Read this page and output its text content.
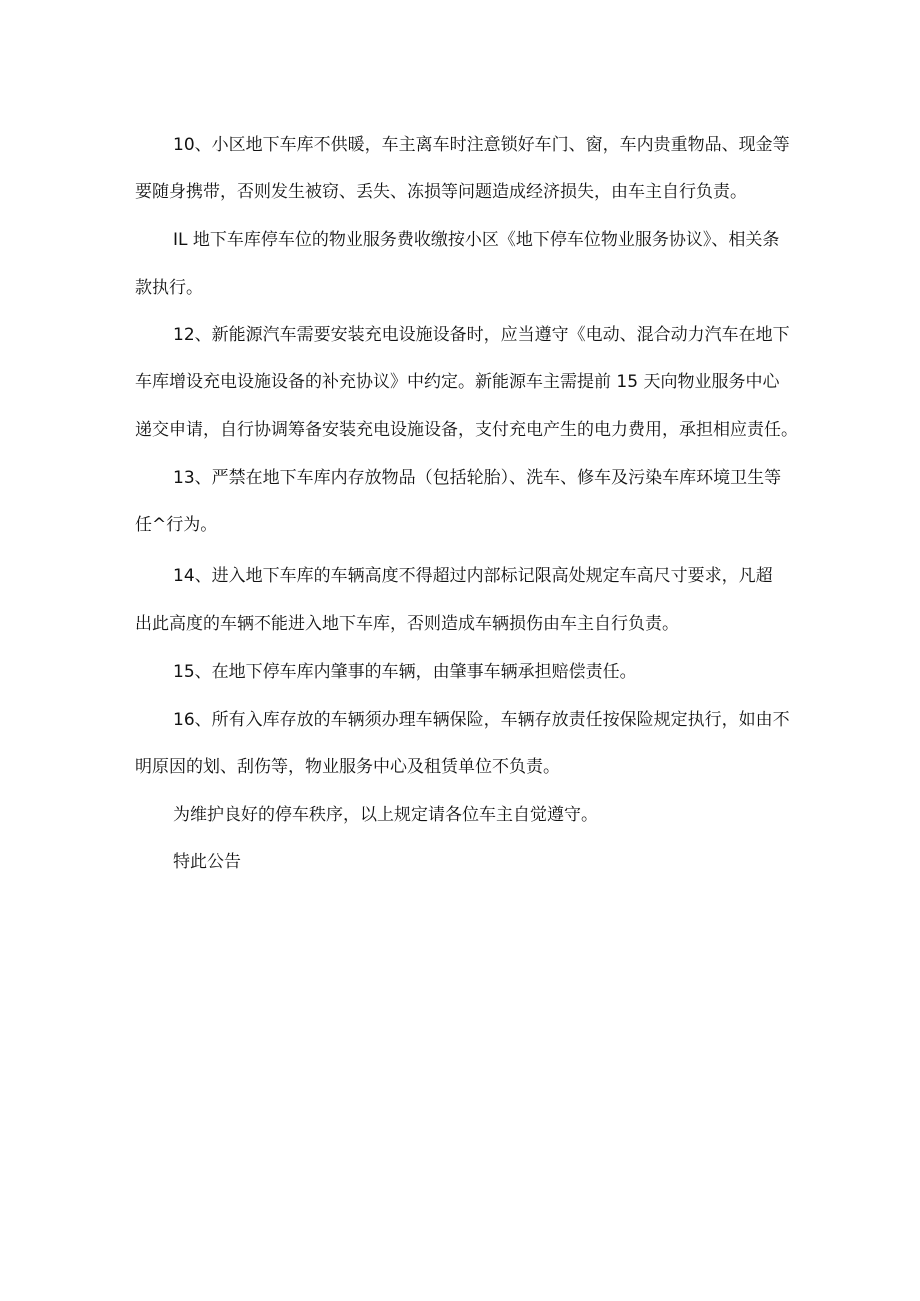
10、小区地下车库不供暖，车主离车时注意锁好车门、窗，车内贵重物品、现金等
要随身携带，否则发生被窃、丢失、冻损等问题造成经济损失，由车主自行负责。
IL 地下车库停车位的物业服务费收缴按小区《地下停车位物业服务协议》、相关条
款执行。
12、新能源汽车需要安装充电设施设备时，应当遵守《电动、混合动力汽车在地下
车库增设充电设施设备的补充协议》中约定。新能源车主需提前 15 天向物业服务中心
递交申请，自行协调筹备安装充电设施设备，支付充电产生的电力费用，承担相应责任。
13、严禁在地下车库内存放物品（包括轮胎）、洗车、修车及污染车库环境卫生等
任^行为。
14、进入地下车库的车辆高度不得超过内部标记限高处规定车高尺寸要求，凡超
出此高度的车辆不能进入地下车库，否则造成车辆损伤由车主自行负责。
15、在地下停车库内肇事的车辆，由肇事车辆承担赔偿责任。
16、所有入库存放的车辆须办理车辆保险，车辆存放责任按保险规定执行，如由不
明原因的划、刮伤等，物业服务中心及租赁单位不负责。
为维护良好的停车秩序，以上规定请各位车主自觉遵守。
特此公告
